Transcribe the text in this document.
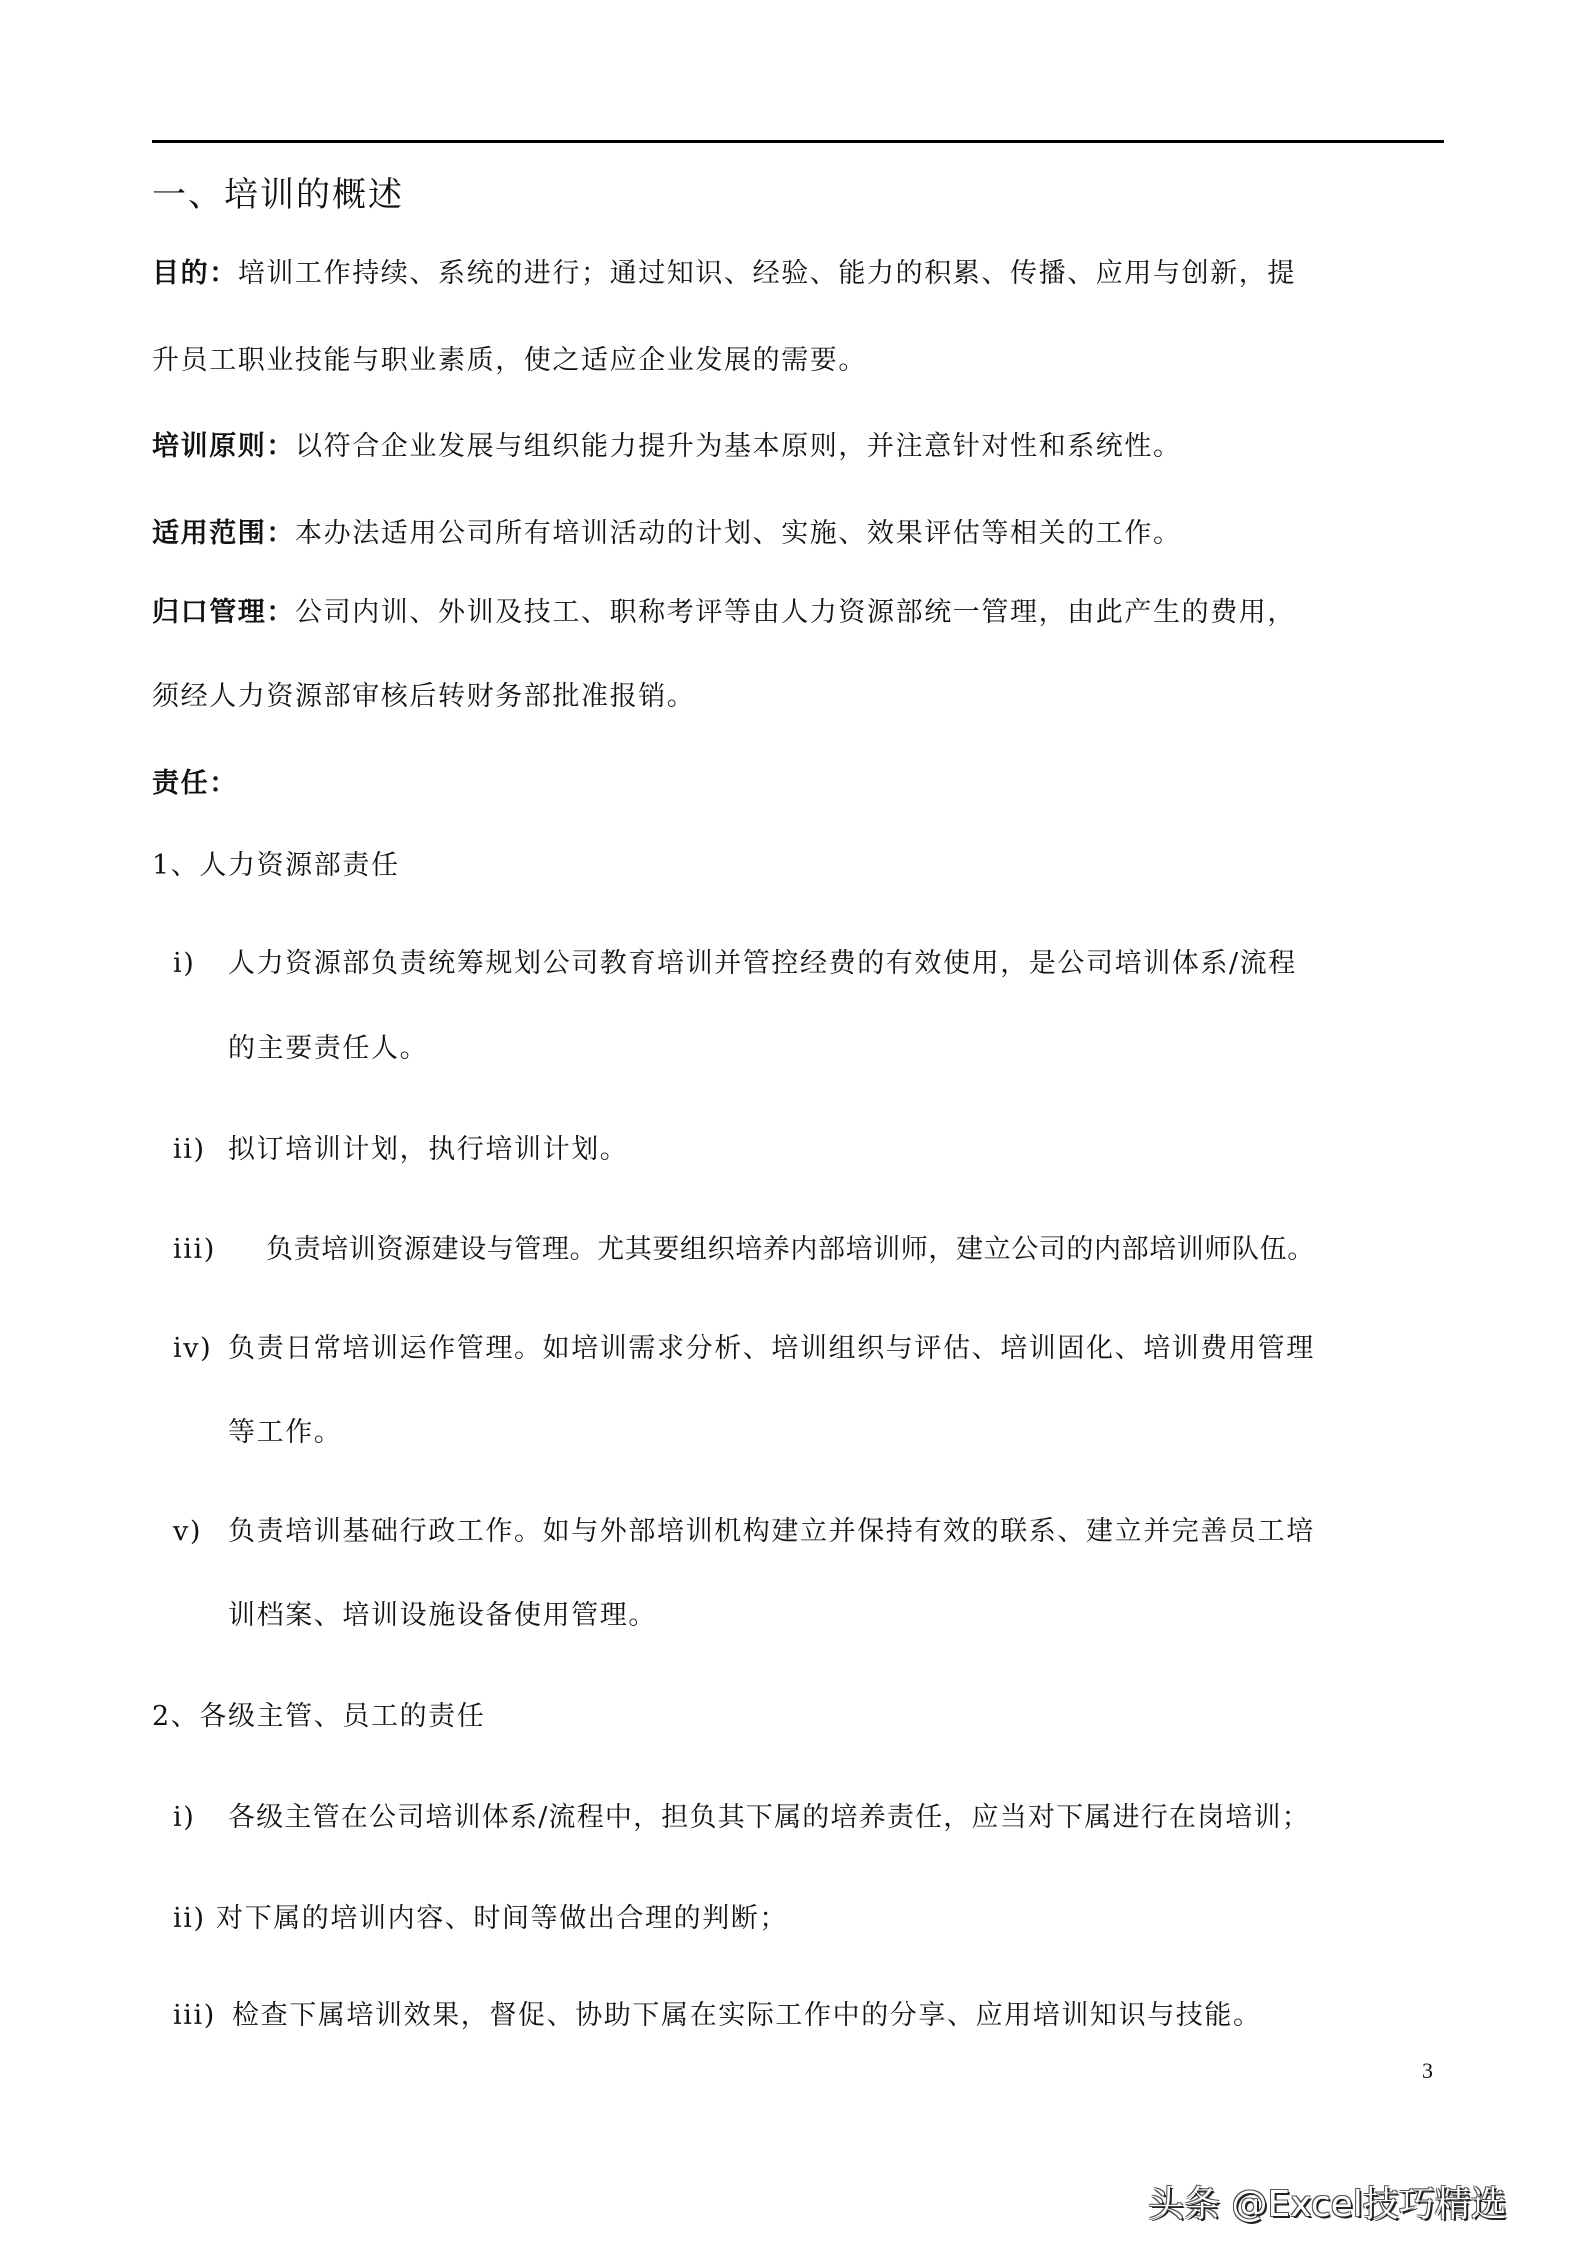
一、培训的概述
目的：培训工作持续、系统的进行；通过知识、经验、能力的积累、传播、应用与创新，提
升员工职业技能与职业素质，使之适应企业发展的需要。
培训原则：以符合企业发展与组织能力提升为基本原则，并注意针对性和系统性。
适用范围：本办法适用公司所有培训活动的计划、实施、效果评估等相关的工作。
归口管理：公司内训、外训及技工、职称考评等由人力资源部统一管理，由此产生的费用，
须经人力资源部审核后转财务部批准报销。
责任：
1、人力资源部责任
i) 人力资源部负责统筹规划公司教育培训并管控经费的有效使用，是公司培训体系/流程
的主要责任人。
ii) 拟订培训计划，执行培训计划。
iii) 负责培训资源建设与管理。尤其要组织培养内部培训师，建立公司的内部培训师队伍。
iv) 负责日常培训运作管理。如培训需求分析、培训组织与评估、培训固化、培训费用管理
等工作。
v) 负责培训基础行政工作。如与外部培训机构建立并保持有效的联系、建立并完善员工培
训档案、培训设施设备使用管理。
2、各级主管、员工的责任
i) 各级主管在公司培训体系/流程中，担负其下属的培养责任，应当对下属进行在岗培训；
ii) 对下属的培训内容、时间等做出合理的判断；
iii) 检查下属培训效果，督促、协助下属在实际工作中的分享、应用培训知识与技能。
3
头条 @Excel技巧精选
